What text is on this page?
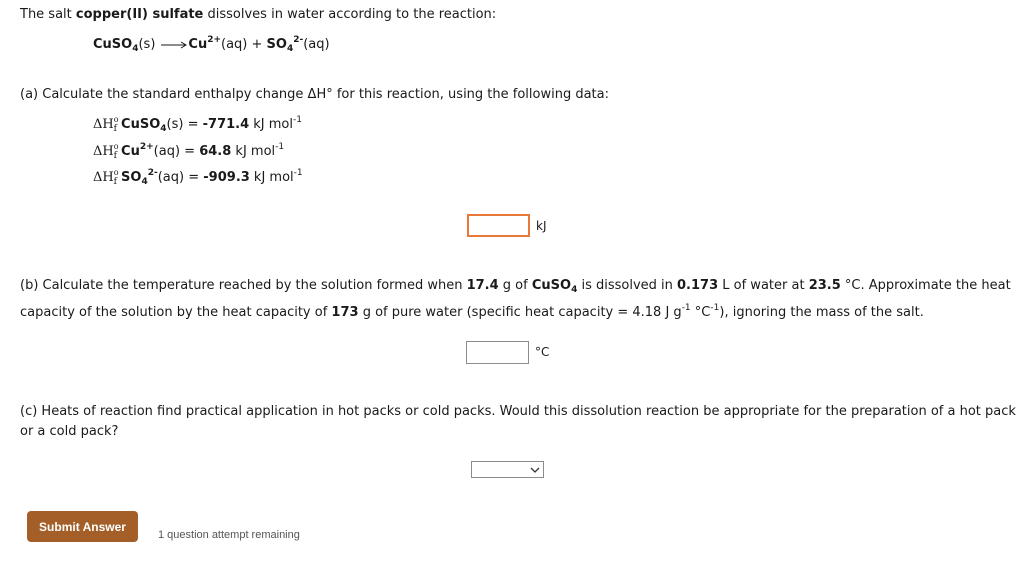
The salt copper(II) sulfate dissolves in water according to the reaction:
CuSO$_4$(s) $\to Cu^{2+}(aq) + SO_4^{2-}(aq)$
(a) Calculate the standard enthalpy change ΔH° for this reaction, using the following data:
$\Delta H^o_f$ CuSO$_4$(s) = -771.4 kJ mol$^{-1}$
$\Delta H^o_f$ $Cu^{2+}(aq) = 64.8$ kJ mol$^{-1}$
$\Delta H^o_f$ $SO_4^{2-}(aq) = -909.3$ kJ mol$^{-1}$
kJ
(b) Calculate the temperature reached by the solution formed when 17.4 g of CuSO$_4$ is dissolved in 0.173 L of water at 23.5 °C. Approximate the heat
capacity of the solution by the heat capacity of 173 g of pure water (specific heat capacity = 4.18 J $g^{-1}$ $^\circ C^{-1}$), ignoring the mass of the salt.
°C
(c) Heats of reaction find practical application in hot packs or cold packs. Would this dissolution reaction be appropriate for the preparation of a hot pack
or a cold pack?
Submit Answer
1 question attempt remaining
